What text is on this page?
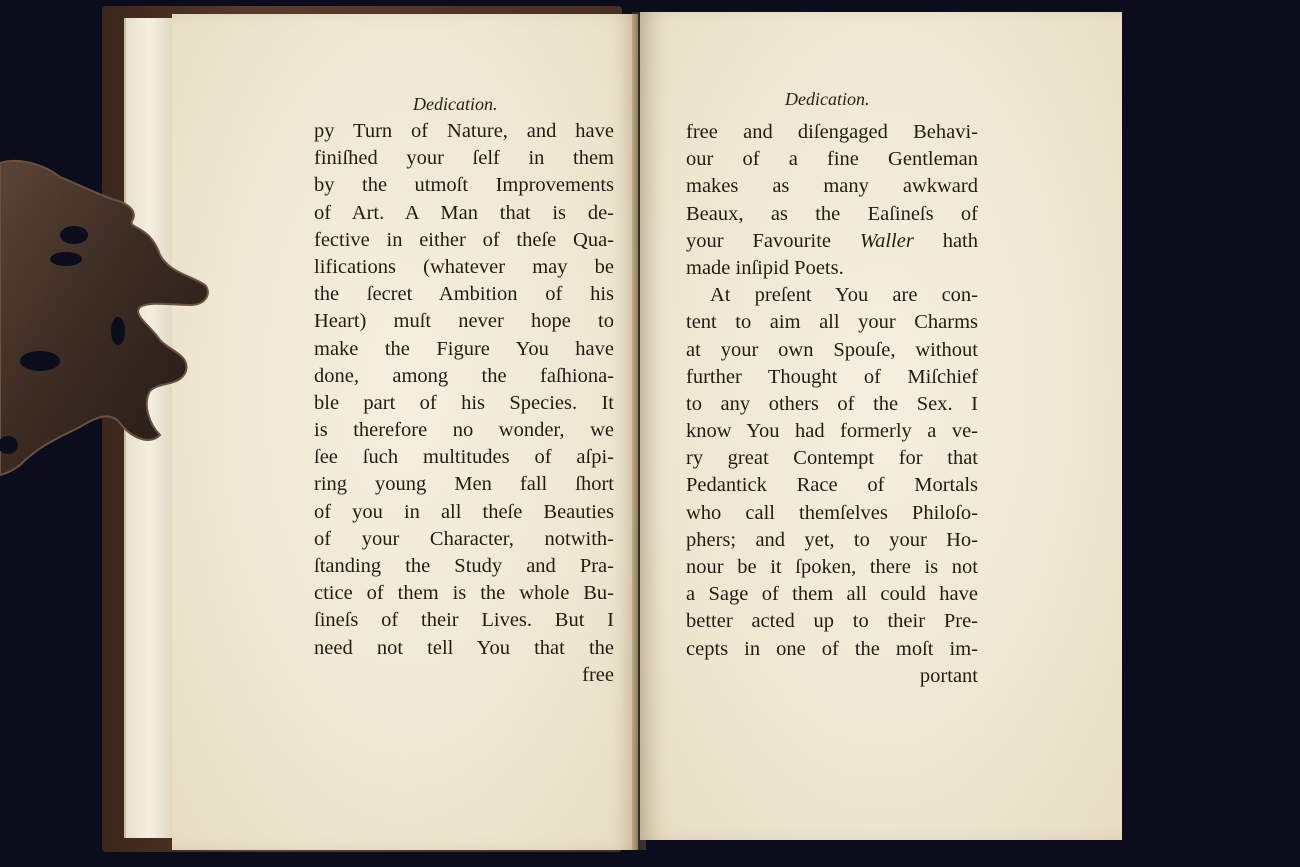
Dedication.
py Turn of Nature, and have
finiſhed your ſelf in them
by the utmoſt Improvements
of Art. A Man that is de-
fective in either of theſe Qua-
lifications (whatever may be
the ſecret Ambition of his
Heart) muſt never hope to
make the Figure You have
done, among the faſhiona-
ble part of his Species. It
is therefore no wonder, we
ſee ſuch multitudes of aſpi-
ring young Men fall ſhort
of you in all theſe Beauties
of your Character, notwith-
ſtanding the Study and Pra-
ctice of them is the whole Bu-
ſineſs of their Lives. But I
need not tell You that the
free
Dedication.
free and diſengaged Behavi-
our of a fine Gentleman
makes as many awkward
Beaux, as the Eaſineſs of
your Favourite Waller hath
made inſipid Poets.
At preſent You are con-
tent to aim all your Charms
at your own Spouſe, without
further Thought of Miſchief
to any others of the Sex. I
know You had formerly a ve-
ry great Contempt for that
Pedantick Race of Mortals
who call themſelves Philoſo-
phers; and yet, to your Ho-
nour be it ſpoken, there is not
a Sage of them all could have
better acted up to their Pre-
cepts in one of the moſt im-
portant
